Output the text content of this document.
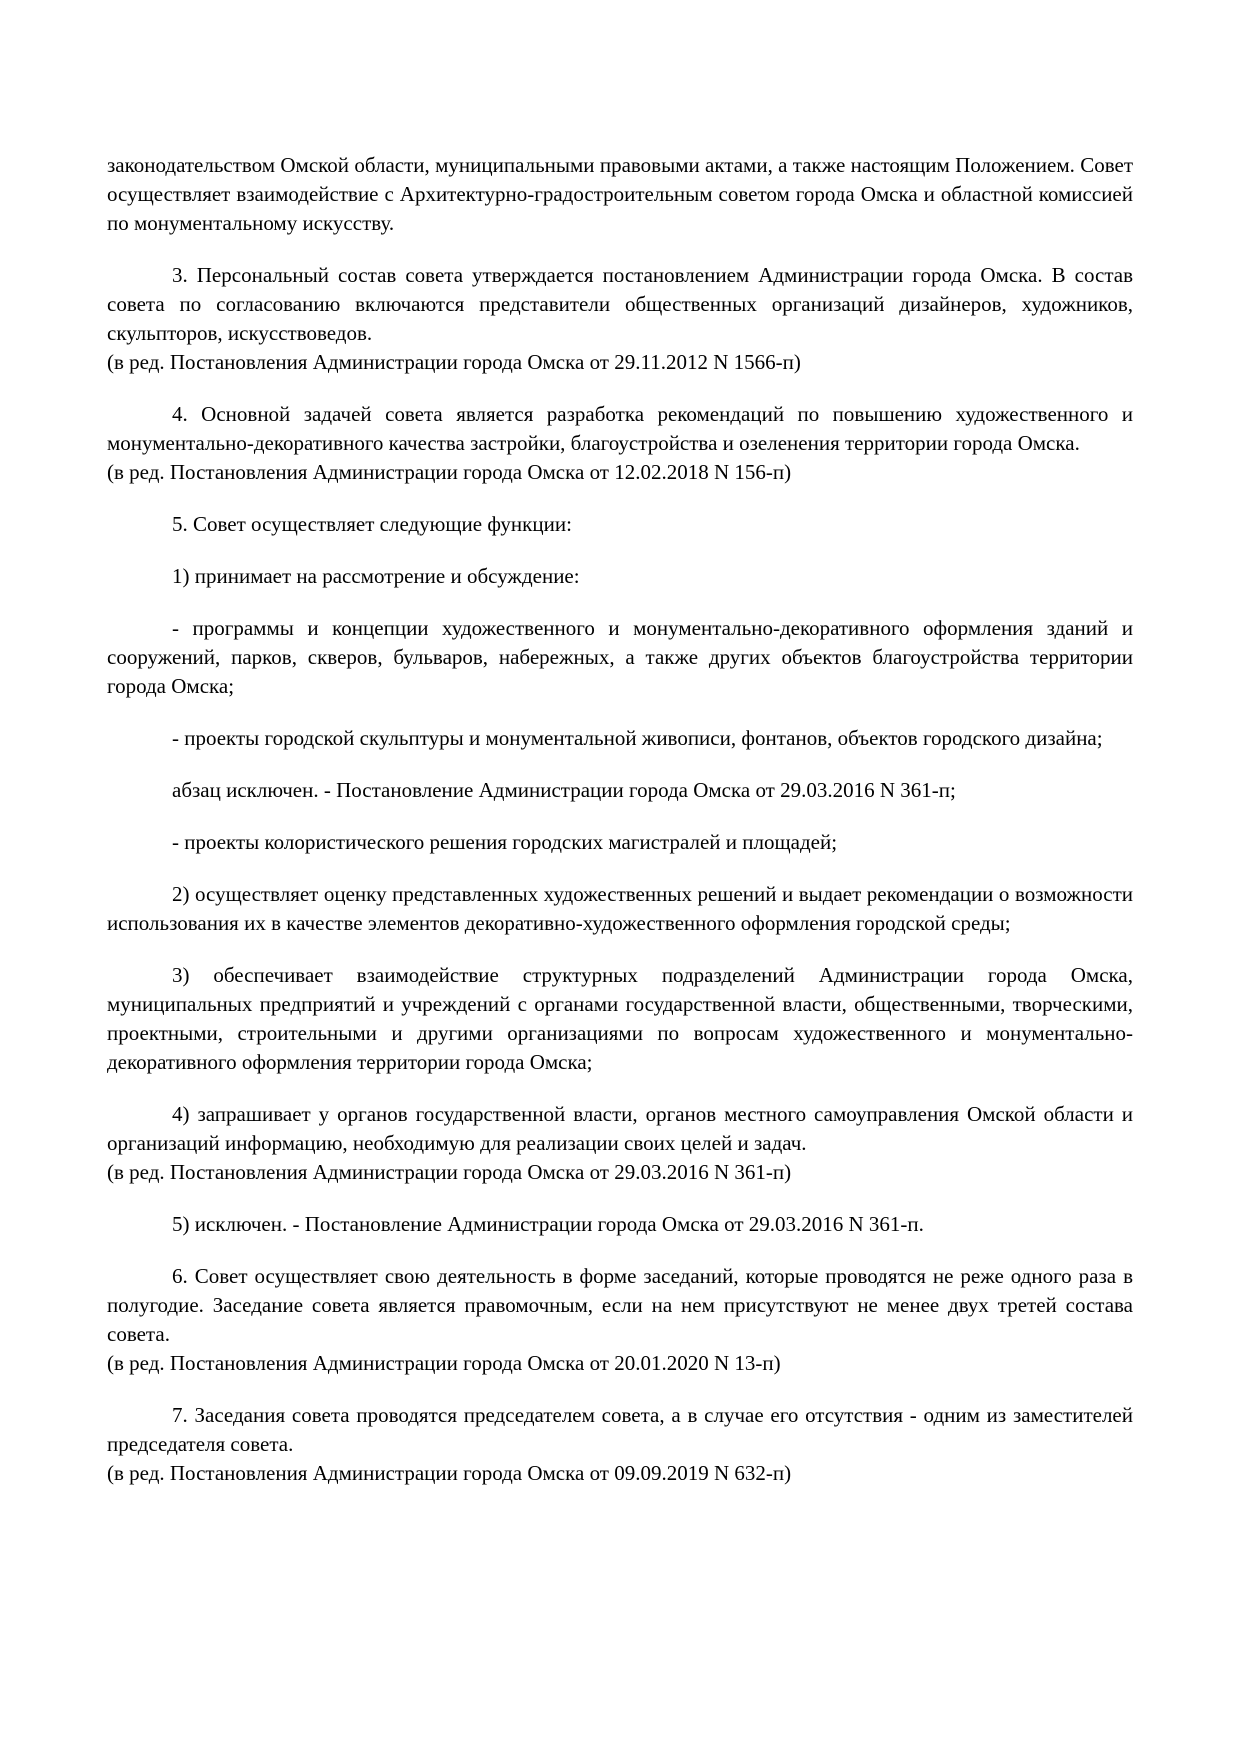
законодательством Омской области, муниципальными правовыми актами, а также настоящим Положением. Совет осуществляет взаимодействие с Архитектурно-градостроительным советом города Омска и областной комиссией по монументальному искусству.

3. Персональный состав совета утверждается постановлением Администрации города Омска. В состав совета по согласованию включаются представители общественных организаций дизайнеров, художников, скульпторов, искусствоведов.

(в ред. Постановления Администрации города Омска от 29.11.2012 N 1566-п)

4. Основной задачей совета является разработка рекомендаций по повышению художественного и монументально-декоративного качества застройки, благоустройства и озеленения территории города Омска.

(в ред. Постановления Администрации города Омска от 12.02.2018 N 156-п)

5. Совет осуществляет следующие функции:

1) принимает на рассмотрение и обсуждение:

- программы и концепции художественного и монументально-декоративного оформления зданий и сооружений, парков, скверов, бульваров, набережных, а также других объектов благоустройства территории города Омска;

- проекты городской скульптуры и монументальной живописи, фонтанов, объектов городского дизайна;

абзац исключен. - Постановление Администрации города Омска от 29.03.2016 N 361-п;

- проекты колористического решения городских магистралей и площадей;

2) осуществляет оценку представленных художественных решений и выдает рекомендации о возможности использования их в качестве элементов декоративно-художественного оформления городской среды;

3) обеспечивает взаимодействие структурных подразделений Администрации города Омска, муниципальных предприятий и учреждений с органами государственной власти, общественными, творческими, проектными, строительными и другими организациями по вопросам художественного и монументально-декоративного оформления территории города Омска;

4) запрашивает у органов государственной власти, органов местного самоуправления Омской области и организаций информацию, необходимую для реализации своих целей и задач.

(в ред. Постановления Администрации города Омска от 29.03.2016 N 361-п)

5) исключен. - Постановление Администрации города Омска от 29.03.2016 N 361-п.

6. Совет осуществляет свою деятельность в форме заседаний, которые проводятся не реже одного раза в полугодие. Заседание совета является правомочным, если на нем присутствуют не менее двух третей состава совета.

(в ред. Постановления Администрации города Омска от 20.01.2020 N 13-п)

7. Заседания совета проводятся председателем совета, а в случае его отсутствия - одним из заместителей председателя совета.

(в ред. Постановления Администрации города Омска от 09.09.2019 N 632-п)
